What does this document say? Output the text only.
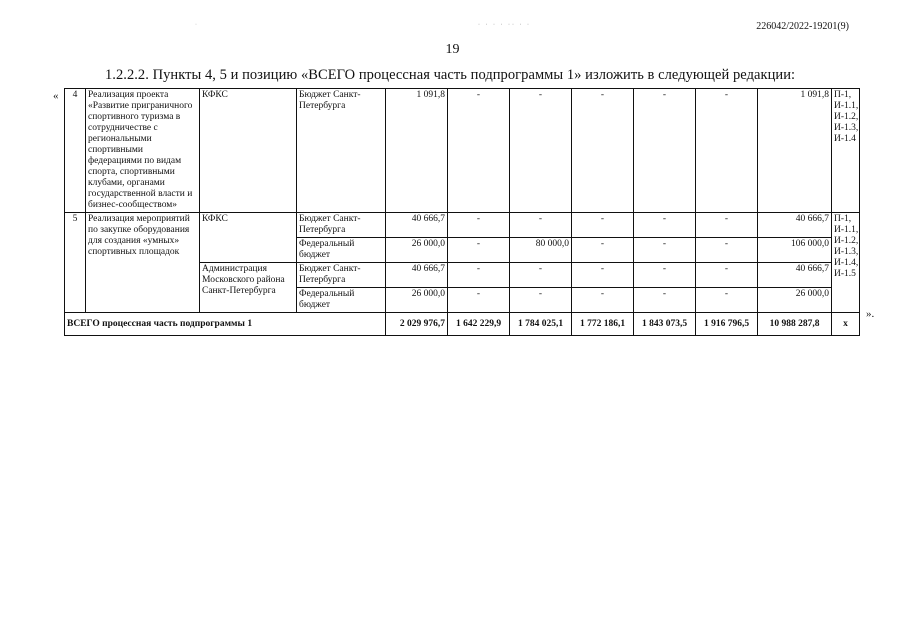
·	· · · · ·· · ·	226042/2022-19201(9)
19
1.2.2.2. Пункты 4, 5 и позицию «ВСЕГО процессная часть подпрограммы 1» изложить в следующей редакции:
« 4	Реализация проекта «Развитие приграничного спортивного туризма в сотрудничестве с региональными спортивными федерациями по видам спорта, спортивными клубами, органами государственной власти и бизнес-сообществом»	КФКС	Бюджет Санкт-Петербурга	1 091,8	-	-	-	-	-	1 091,8	П-1, И-1.1, И-1.2, И-1.3, И-1.4
5	Реализация мероприятий по закупке оборудования для создания «умных» спортивных площадок	КФКС	Бюджет Санкт-Петербурга	40 666,7	-	-	-	-	-	40 666,7	П-1, И-1.1, И-1.2, И-1.3, И-1.4, И-1.5
			Федеральный бюджет	26 000,0	-	80 000,0	-	-	-	106 000,0	
		Администрация Московского района Санкт-Петербурга	Бюджет Санкт-Петербурга	40 666,7	-	-	-	-	-	40 666,7	
			Федеральный бюджет	26 000,0	-	-	-	-	-	26 000,0	
ВСЕГО процессная часть подпрограммы 1				2 029 976,7	1 642 229,9	1 784 025,1	1 772 186,1	1 843 073,5	1 916 796,5	10 988 287,8	х
».
